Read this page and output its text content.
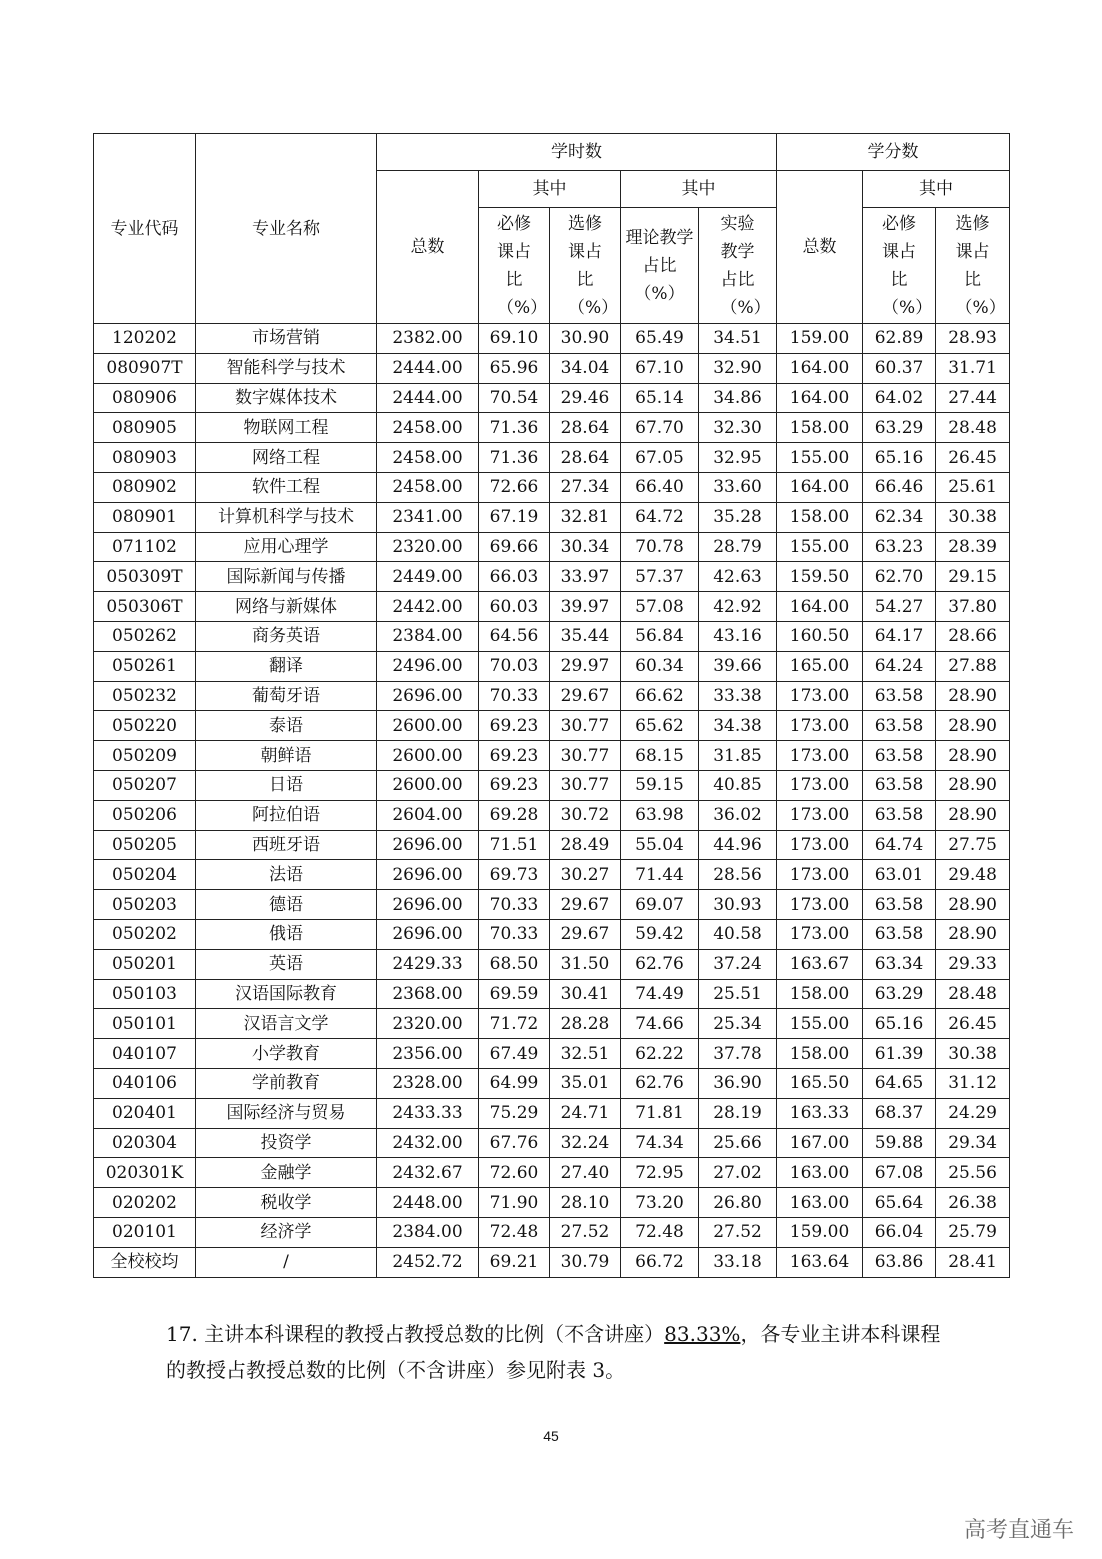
专业代码	专业名称	学时数					学分数		
		总数	其中		其中		总数	其中	
			必修课占比（%）	选修课占比（%）	理论教学占比（%）	实验教学占比（%）		必修课占比（%）	选修课占比（%）
120202	市场营销	2382.00	69.10	30.90	65.49	34.51	159.00	62.89	28.93
080907T	智能科学与技术	2444.00	65.96	34.04	67.10	32.90	164.00	60.37	31.71
080906	数字媒体技术	2444.00	70.54	29.46	65.14	34.86	164.00	64.02	27.44
080905	物联网工程	2458.00	71.36	28.64	67.70	32.30	158.00	63.29	28.48
080903	网络工程	2458.00	71.36	28.64	67.05	32.95	155.00	65.16	26.45
080902	软件工程	2458.00	72.66	27.34	66.40	33.60	164.00	66.46	25.61
080901	计算机科学与技术	2341.00	67.19	32.81	64.72	35.28	158.00	62.34	30.38
071102	应用心理学	2320.00	69.66	30.34	70.78	28.79	155.00	63.23	28.39
050309T	国际新闻与传播	2449.00	66.03	33.97	57.37	42.63	159.50	62.70	29.15
050306T	网络与新媒体	2442.00	60.03	39.97	57.08	42.92	164.00	54.27	37.80
050262	商务英语	2384.00	64.56	35.44	56.84	43.16	160.50	64.17	28.66
050261	翻译	2496.00	70.03	29.97	60.34	39.66	165.00	64.24	27.88
050232	葡萄牙语	2696.00	70.33	29.67	66.62	33.38	173.00	63.58	28.90
050220	泰语	2600.00	69.23	30.77	65.62	34.38	173.00	63.58	28.90
050209	朝鲜语	2600.00	69.23	30.77	68.15	31.85	173.00	63.58	28.90
050207	日语	2600.00	69.23	30.77	59.15	40.85	173.00	63.58	28.90
050206	阿拉伯语	2604.00	69.28	30.72	63.98	36.02	173.00	63.58	28.90
050205	西班牙语	2696.00	71.51	28.49	55.04	44.96	173.00	64.74	27.75
050204	法语	2696.00	69.73	30.27	71.44	28.56	173.00	63.01	29.48
050203	德语	2696.00	70.33	29.67	69.07	30.93	173.00	63.58	28.90
050202	俄语	2696.00	70.33	29.67	59.42	40.58	173.00	63.58	28.90
050201	英语	2429.33	68.50	31.50	62.76	37.24	163.67	63.34	29.33
050103	汉语国际教育	2368.00	69.59	30.41	74.49	25.51	158.00	63.29	28.48
050101	汉语言文学	2320.00	71.72	28.28	74.66	25.34	155.00	65.16	26.45
040107	小学教育	2356.00	67.49	32.51	62.22	37.78	158.00	61.39	30.38
040106	学前教育	2328.00	64.99	35.01	62.76	36.90	165.50	64.65	31.12
020401	国际经济与贸易	2433.33	75.29	24.71	71.81	28.19	163.33	68.37	24.29
020304	投资学	2432.00	67.76	32.24	74.34	25.66	167.00	59.88	29.34
020301K	金融学	2432.67	72.60	27.40	72.95	27.02	163.00	67.08	25.56
020202	税收学	2448.00	71.90	28.10	73.20	26.80	163.00	65.64	26.38
020101	经济学	2384.00	72.48	27.52	72.48	27.52	159.00	66.04	25.79
全校校均	/	2452.72	69.21	30.79	66.72	33.18	163.64	63.86	28.41
17. 主讲本科课程的教授占教授总数的比例（不含讲座）83.33%，各专业主讲本科课程的教授占教授总数的比例（不含讲座）参见附表 3。
45
高考直通车
